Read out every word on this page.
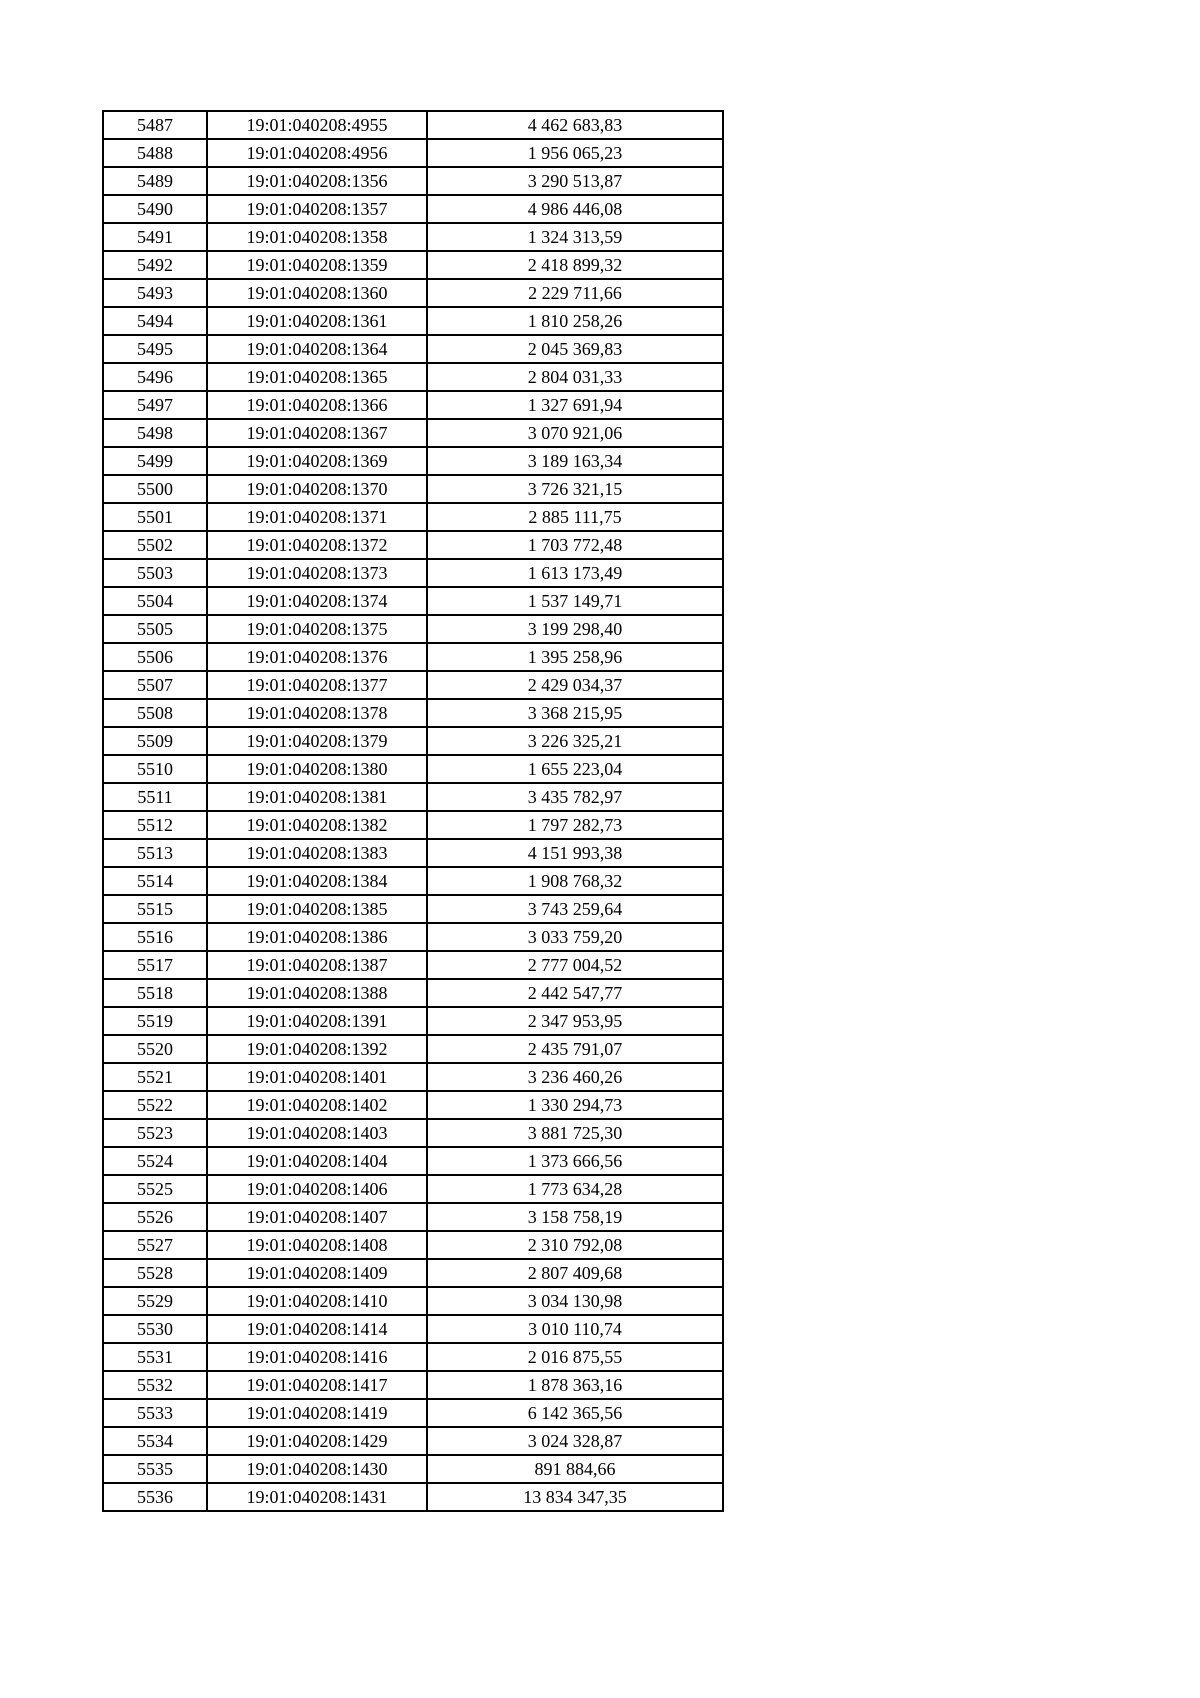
5487	19:01:040208:4955	4 462 683,83
5488	19:01:040208:4956	1 956 065,23
5489	19:01:040208:1356	3 290 513,87
5490	19:01:040208:1357	4 986 446,08
5491	19:01:040208:1358	1 324 313,59
5492	19:01:040208:1359	2 418 899,32
5493	19:01:040208:1360	2 229 711,66
5494	19:01:040208:1361	1 810 258,26
5495	19:01:040208:1364	2 045 369,83
5496	19:01:040208:1365	2 804 031,33
5497	19:01:040208:1366	1 327 691,94
5498	19:01:040208:1367	3 070 921,06
5499	19:01:040208:1369	3 189 163,34
5500	19:01:040208:1370	3 726 321,15
5501	19:01:040208:1371	2 885 111,75
5502	19:01:040208:1372	1 703 772,48
5503	19:01:040208:1373	1 613 173,49
5504	19:01:040208:1374	1 537 149,71
5505	19:01:040208:1375	3 199 298,40
5506	19:01:040208:1376	1 395 258,96
5507	19:01:040208:1377	2 429 034,37
5508	19:01:040208:1378	3 368 215,95
5509	19:01:040208:1379	3 226 325,21
5510	19:01:040208:1380	1 655 223,04
5511	19:01:040208:1381	3 435 782,97
5512	19:01:040208:1382	1 797 282,73
5513	19:01:040208:1383	4 151 993,38
5514	19:01:040208:1384	1 908 768,32
5515	19:01:040208:1385	3 743 259,64
5516	19:01:040208:1386	3 033 759,20
5517	19:01:040208:1387	2 777 004,52
5518	19:01:040208:1388	2 442 547,77
5519	19:01:040208:1391	2 347 953,95
5520	19:01:040208:1392	2 435 791,07
5521	19:01:040208:1401	3 236 460,26
5522	19:01:040208:1402	1 330 294,73
5523	19:01:040208:1403	3 881 725,30
5524	19:01:040208:1404	1 373 666,56
5525	19:01:040208:1406	1 773 634,28
5526	19:01:040208:1407	3 158 758,19
5527	19:01:040208:1408	2 310 792,08
5528	19:01:040208:1409	2 807 409,68
5529	19:01:040208:1410	3 034 130,98
5530	19:01:040208:1414	3 010 110,74
5531	19:01:040208:1416	2 016 875,55
5532	19:01:040208:1417	1 878 363,16
5533	19:01:040208:1419	6 142 365,56
5534	19:01:040208:1429	3 024 328,87
5535	19:01:040208:1430	891 884,66
5536	19:01:040208:1431	13 834 347,35
